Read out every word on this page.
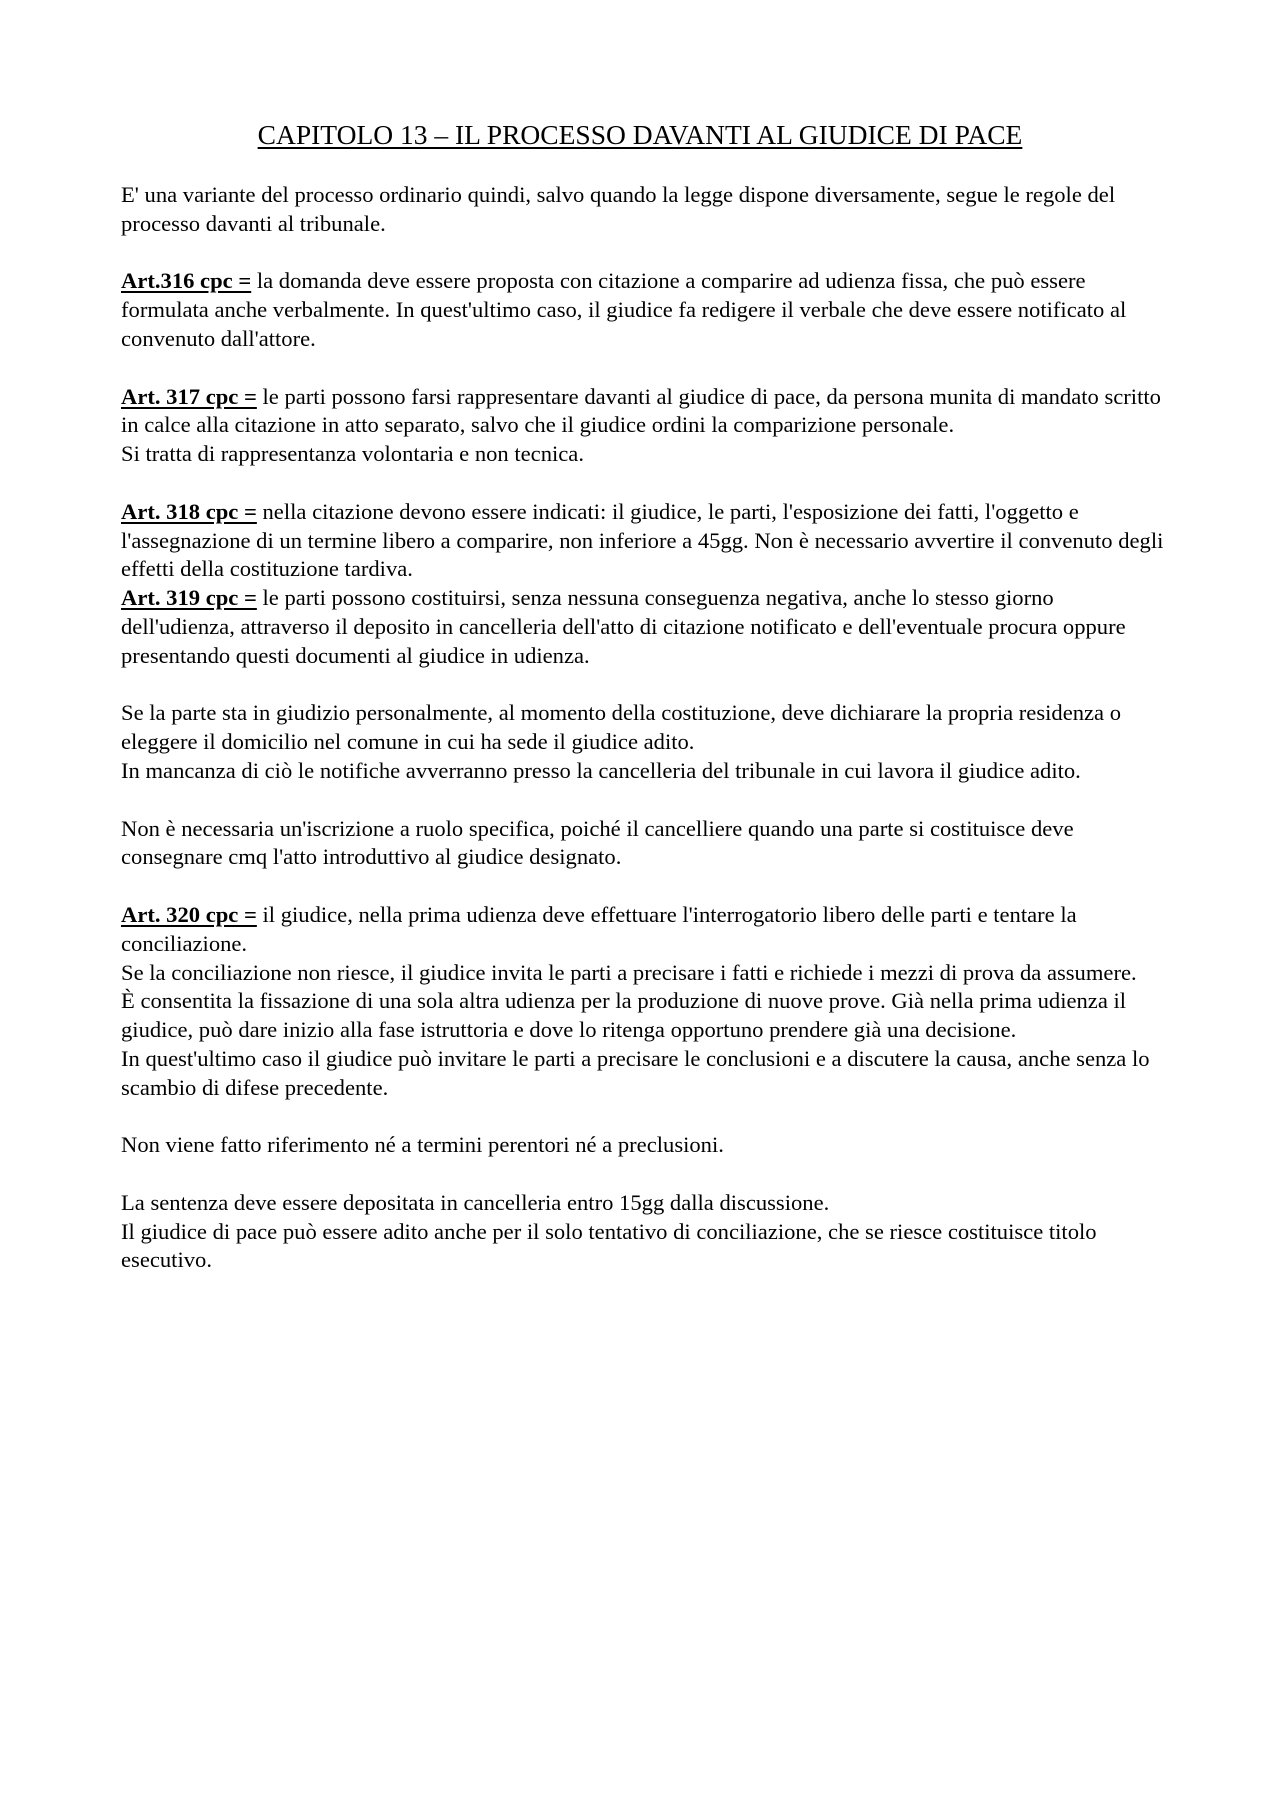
CAPITOLO 13 – IL PROCESSO DAVANTI AL GIUDICE DI PACE

E' una variante del processo ordinario quindi, salvo quando la legge dispone diversamente, segue le regole del processo davanti al tribunale.

Art.316 cpc = la domanda deve essere proposta con citazione a comparire ad udienza fissa, che può essere formulata anche verbalmente. In quest'ultimo caso, il giudice fa redigere il verbale che deve essere notificato al convenuto dall'attore.

Art. 317 cpc = le parti possono farsi rappresentare davanti al giudice di pace, da persona munita di mandato scritto in calce alla citazione in atto separato, salvo che il giudice ordini la comparizione personale.

Si tratta di rappresentanza volontaria e non tecnica.

Art. 318 cpc = nella citazione devono essere indicati: il giudice, le parti, l'esposizione dei fatti, l'oggetto e l'assegnazione di un termine libero a comparire, non inferiore a 45gg. Non è necessario avvertire il convenuto degli effetti della costituzione tardiva.

Art. 319 cpc = le parti possono costituirsi, senza nessuna conseguenza negativa, anche lo stesso giorno dell'udienza, attraverso il deposito in cancelleria dell'atto di citazione notificato e dell'eventuale procura oppure presentando questi documenti al giudice in udienza.

Se la parte sta in giudizio personalmente, al momento della costituzione, deve dichiarare la propria residenza o eleggere il domicilio nel comune in cui ha sede il giudice adito.

In mancanza di ciò le notifiche avverranno presso la cancelleria del tribunale in cui lavora il giudice adito.

Non è necessaria un'iscrizione a ruolo specifica, poiché il cancelliere quando una parte si costituisce deve consegnare cmq l'atto introduttivo al giudice designato.

Art. 320 cpc = il giudice, nella prima udienza deve effettuare l'interrogatorio libero delle parti e tentare la conciliazione.

Se la conciliazione non riesce, il giudice invita le parti a precisare i fatti e richiede i mezzi di prova da assumere.

È consentita la fissazione di una sola altra udienza per la produzione di nuove prove. Già nella prima udienza il giudice, può dare inizio alla fase istruttoria e dove lo ritenga opportuno prendere già una decisione.

In quest'ultimo caso il giudice può invitare le parti a precisare le conclusioni e a discutere la causa, anche senza lo scambio di difese precedente.

Non viene fatto riferimento né a termini perentori né a preclusioni.

La sentenza deve essere depositata in cancelleria entro 15gg dalla discussione.

Il giudice di pace può essere adito anche per il solo tentativo di conciliazione, che se riesce costituisce titolo esecutivo.
